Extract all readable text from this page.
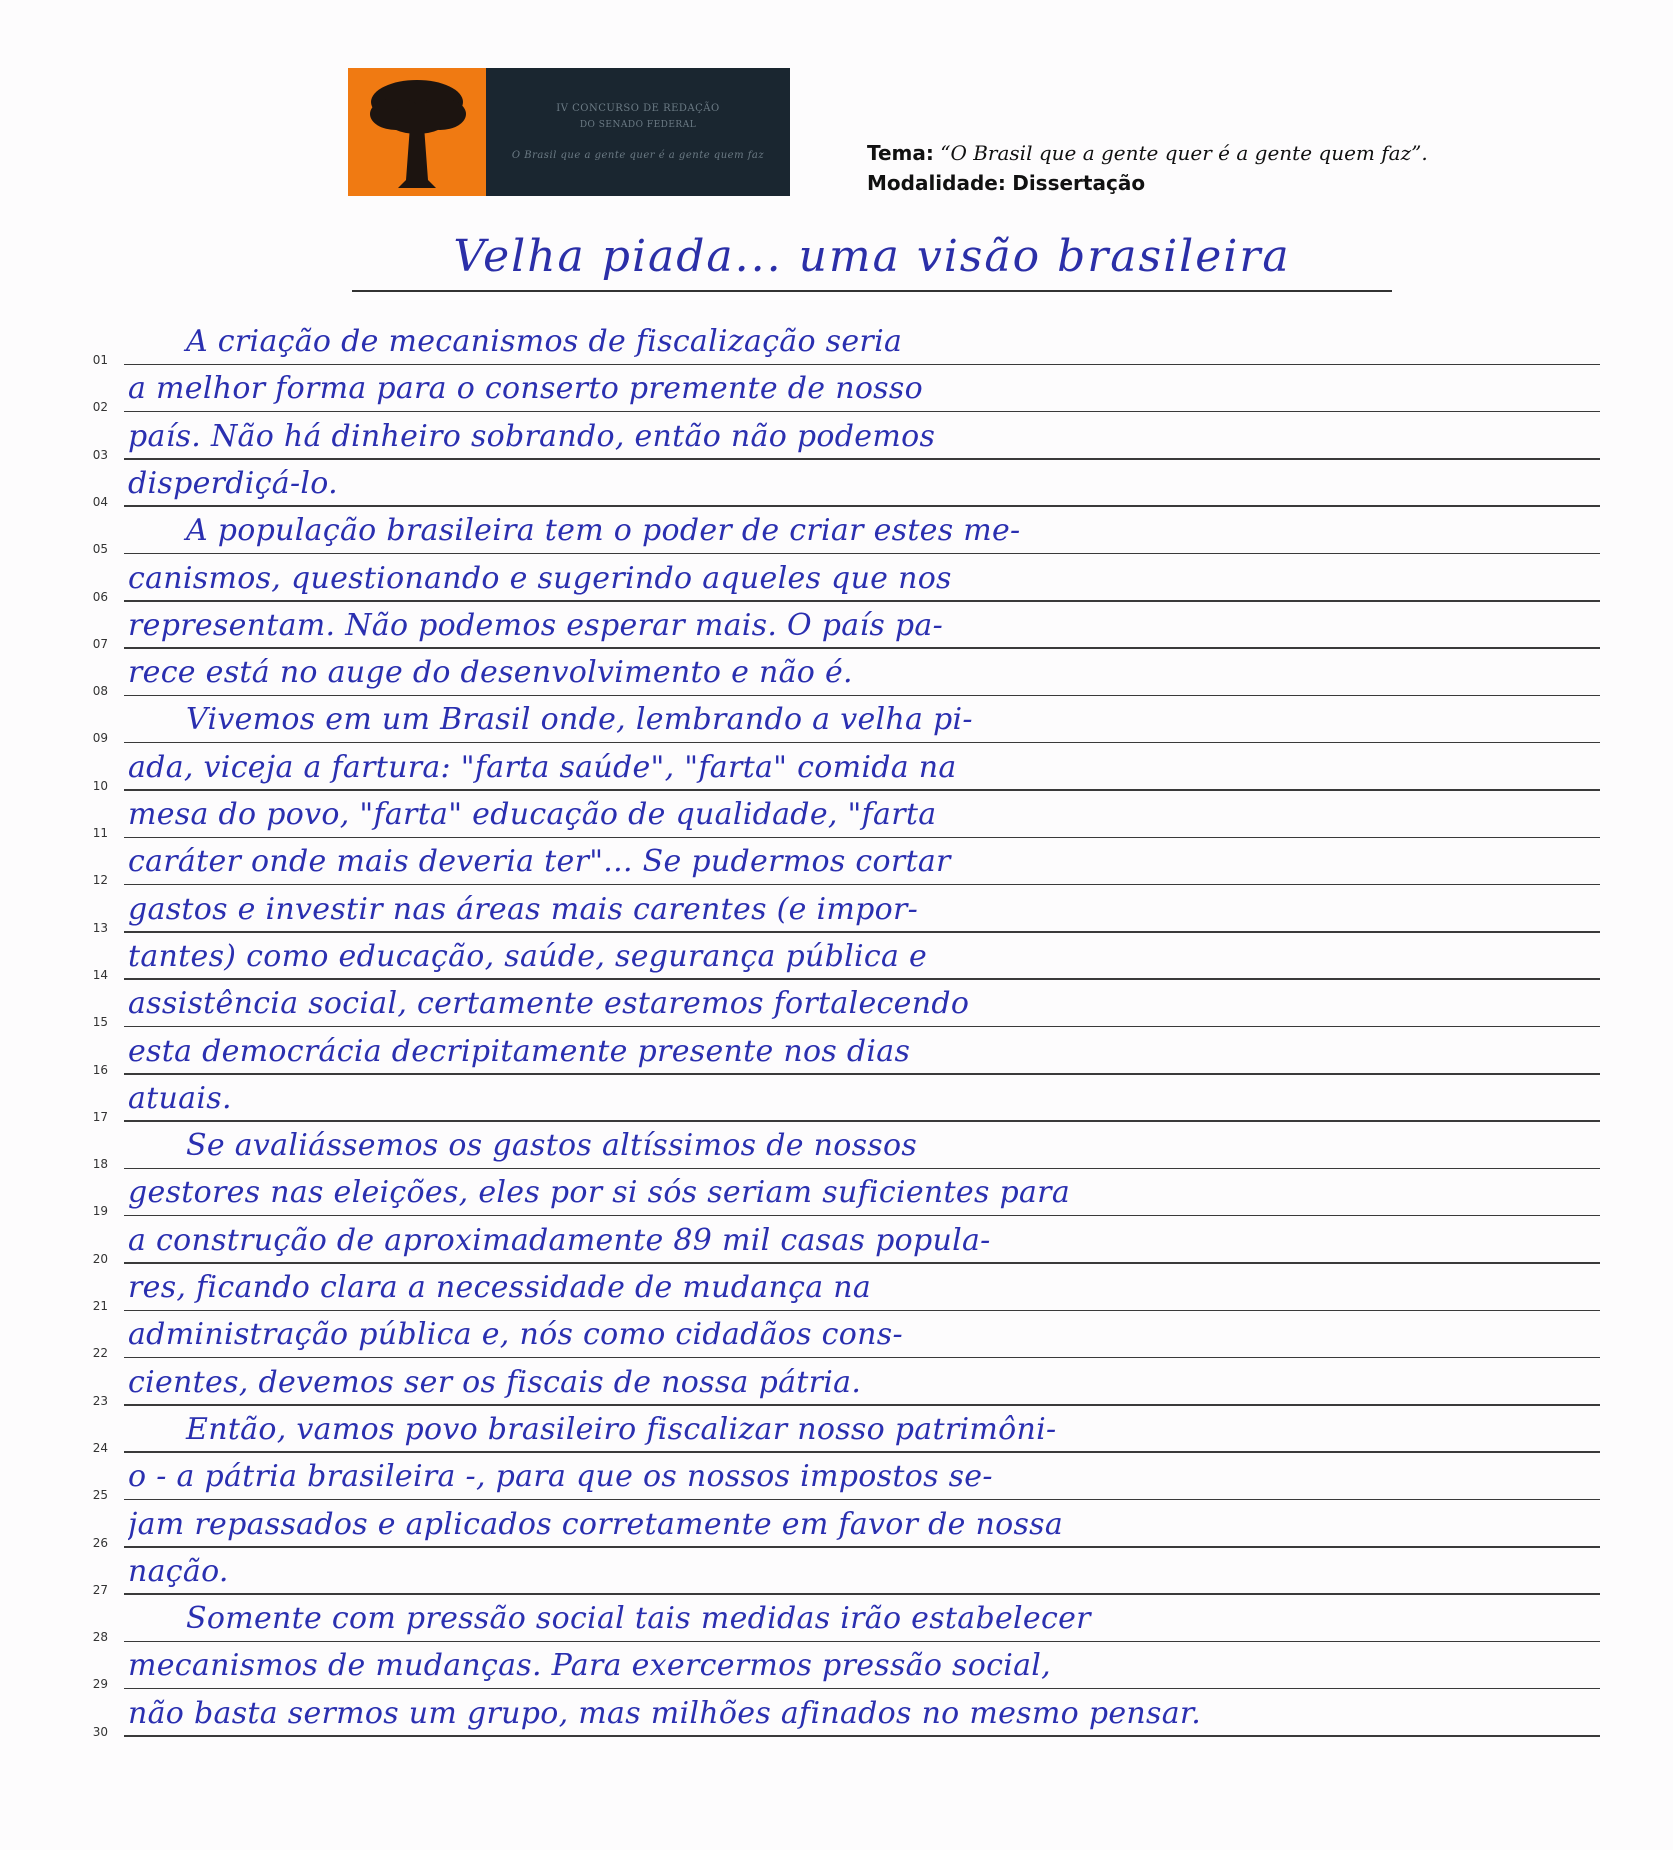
IV CONCURSO DE REDAÇÃO
DO SENADO FEDERAL
O Brasil que a gente quer é a gente quem faz	Tema: “O Brasil que a gente quer é a gente quem faz”.
Modalidade: Dissertação
Velha piada... uma visão brasileira
01
A criação de mecanismos de fiscalização seria
02
a melhor forma para o conserto premente de nosso
03
país. Não há dinheiro sobrando, então não podemos
04
disperdiçá-lo.
05
A população brasileira tem o poder de criar estes me-
06
canismos, questionando e sugerindo aqueles que nos
07
representam. Não podemos esperar mais. O país pa-
08
rece está no auge do desenvolvimento e não é.
09
Vivemos em um Brasil onde, lembrando a velha pi-
10
ada, viceja a fartura: "farta saúde", "farta" comida na
11
mesa do povo, "farta" educação de qualidade, "farta
12
caráter onde mais deveria ter"... Se pudermos cortar
13
gastos e investir nas áreas mais carentes (e impor-
14
tantes) como educação, saúde, segurança pública e
15
assistência social, certamente estaremos fortalecendo
16
esta democrácia decripitamente presente nos dias
17
atuais.
18
Se avaliássemos os gastos altíssimos de nossos
19
gestores nas eleições, eles por si sós seriam suficientes para
20
a construção de aproximadamente 89 mil casas popula-
21
res, ficando clara a necessidade de mudança na
22
administração pública e, nós como cidadãos cons-
23
cientes, devemos ser os fiscais de nossa pátria.
24
Então, vamos povo brasileiro fiscalizar nosso patrimôni-
25
o - a pátria brasileira -, para que os nossos impostos se-
26
jam repassados e aplicados corretamente em favor de nossa
27
nação.
28
Somente com pressão social tais medidas irão estabelecer
29
mecanismos de mudanças. Para exercermos pressão social,
30
não basta sermos um grupo, mas milhões afinados no mesmo pensar.
